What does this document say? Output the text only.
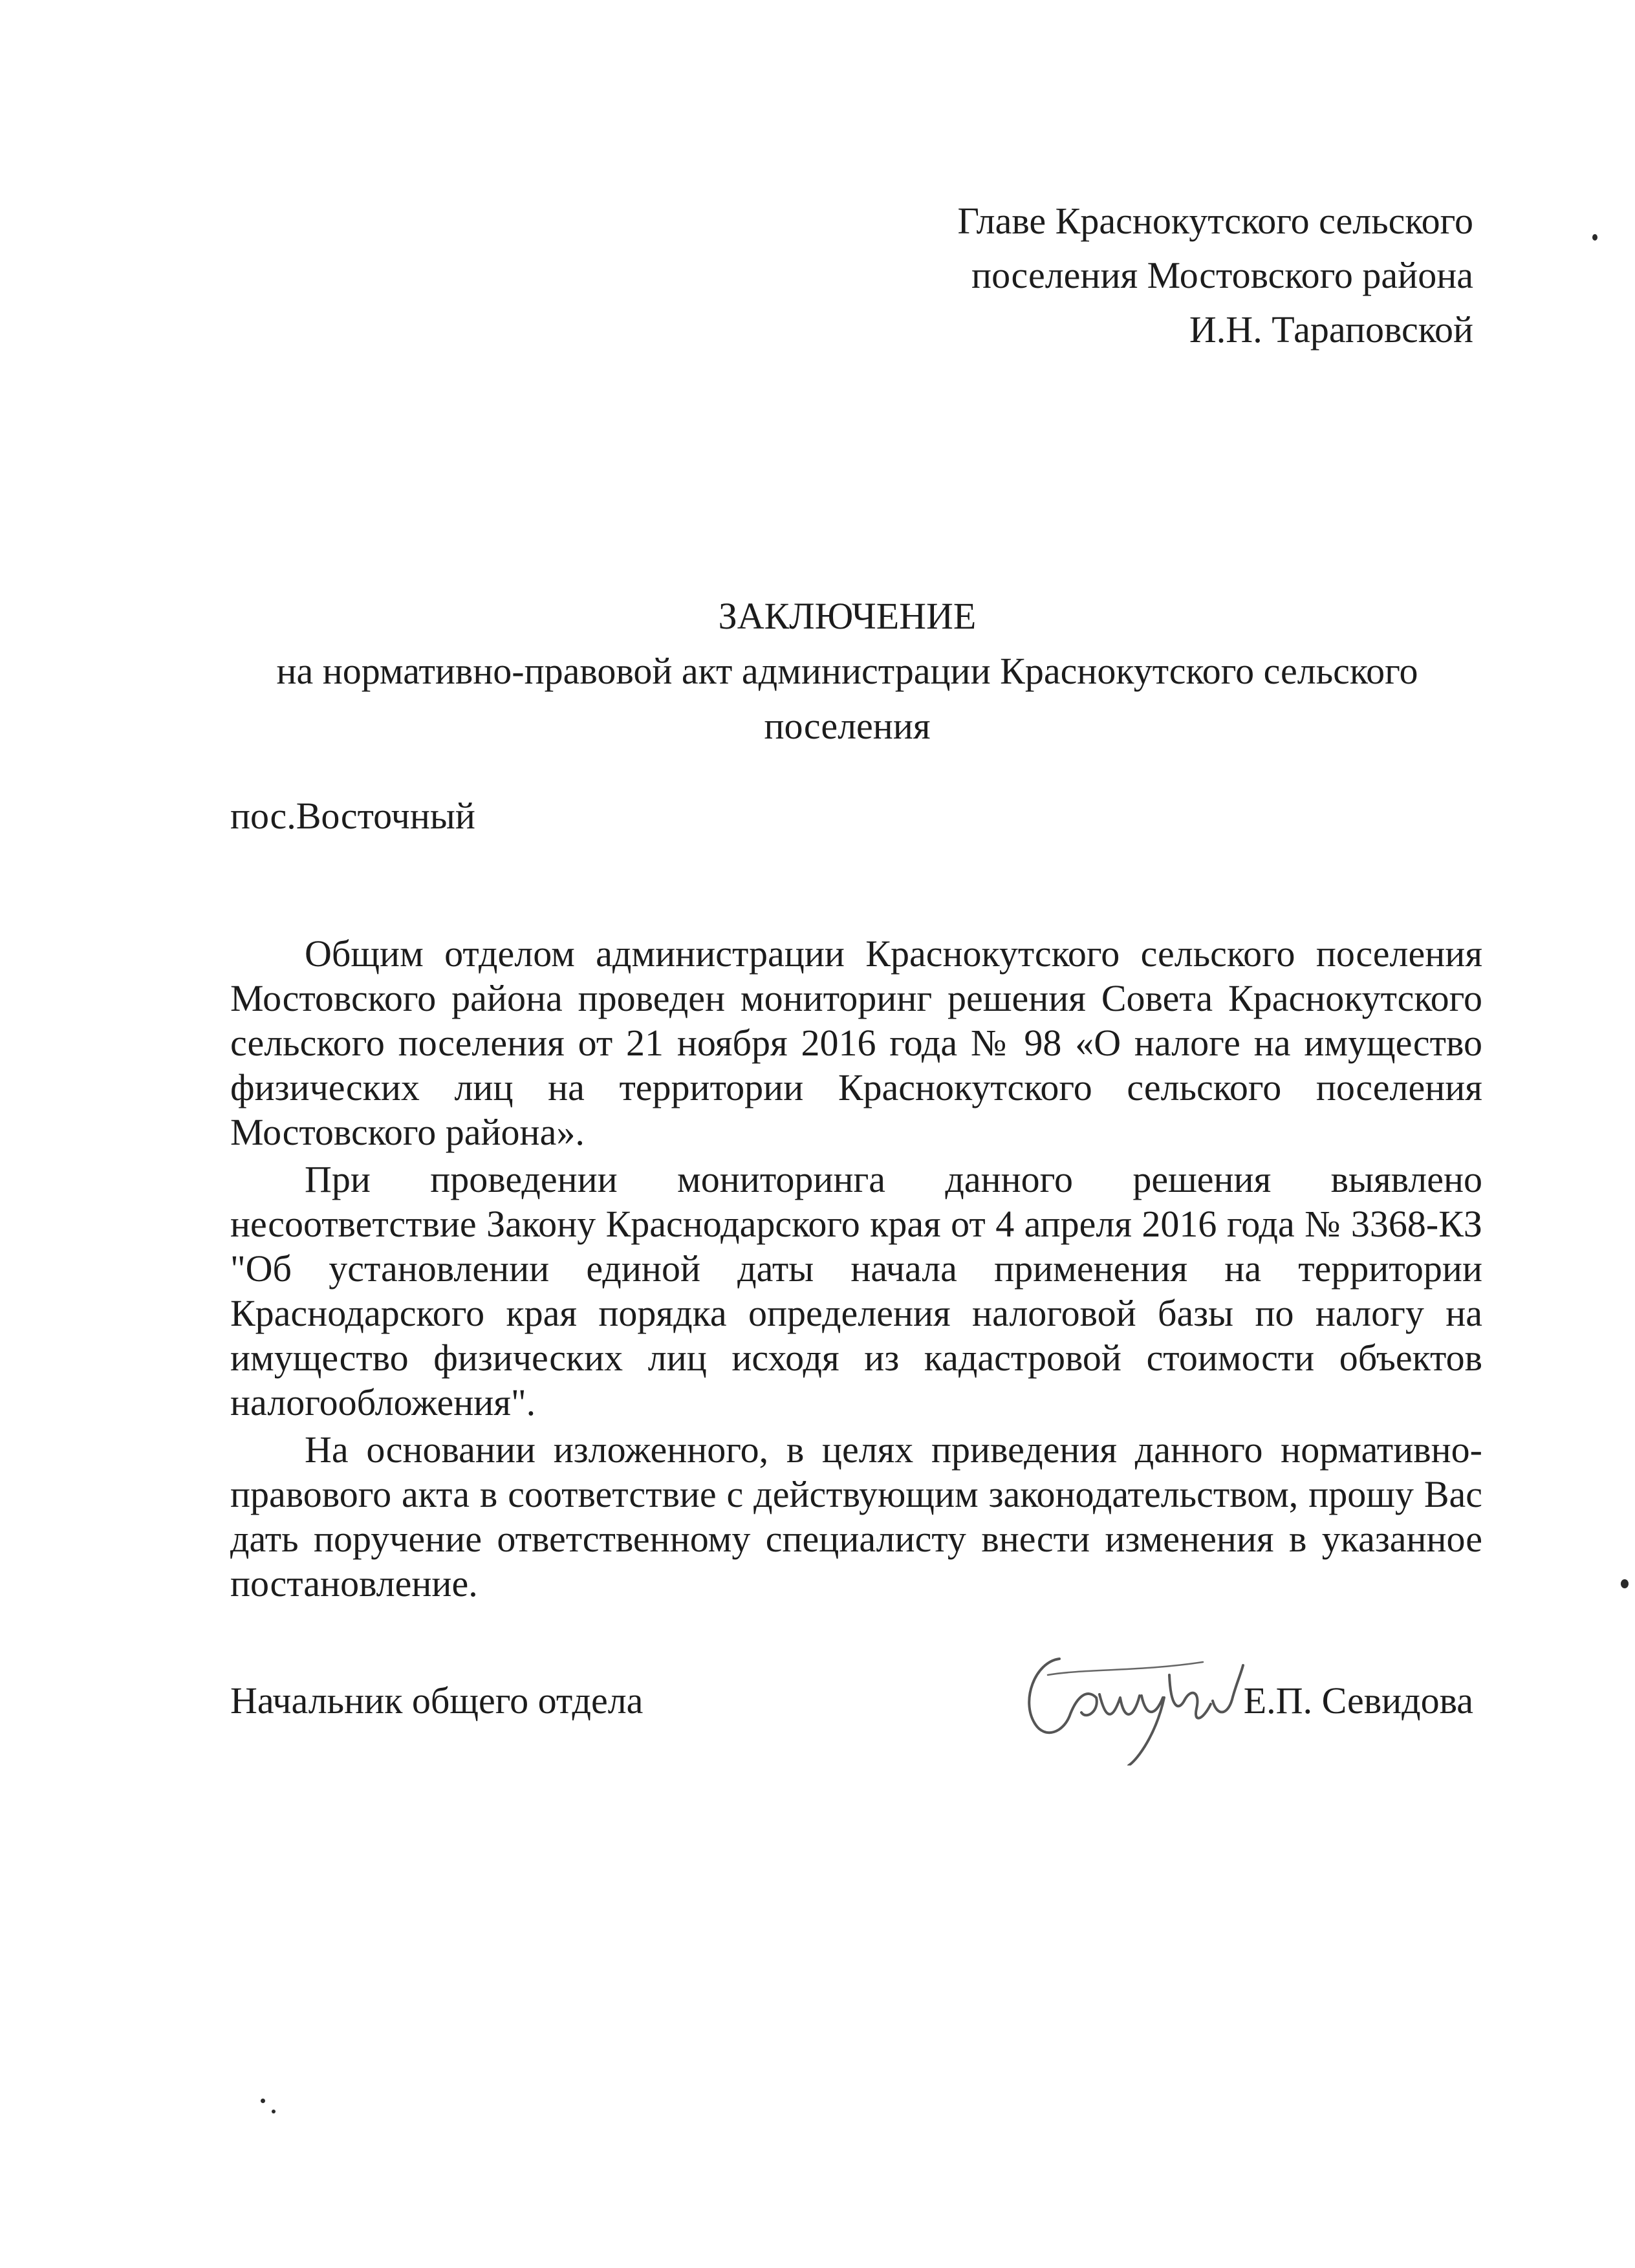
Главе Краснокутского сельского
поселения Мостовского района
И.Н. Тараповской
ЗАКЛЮЧЕНИЕ
на нормативно-правовой акт администрации Краснокутского сельского поселения
пос.Восточный

Общим отделом администрации Краснокутского сельского поселения Мостовского района проведен мониторинг решения Совета Краснокутского сельского поселения от 21 ноября 2016 года № 98 «О налоге на имущество физических лиц на территории Краснокутского сельского поселения Мостовского района».

При проведении мониторинга данного решения выявлено несоответствие Закону Краснодарского края от 4 апреля 2016 года № 3368-КЗ "Об установлении единой даты начала применения на территории Краснодарского края порядка определения налоговой базы по налогу на имущество физических лиц исходя из кадастровой стоимости объектов налогообложения".

На основании изложенного, в целях приведения данного нормативно-правового акта в соответствие с действующим законодательством, прошу Вас дать поручение ответственному специалисту внести изменения в указанное постановление.

Начальник общего отдела	Е.П. Севидова
